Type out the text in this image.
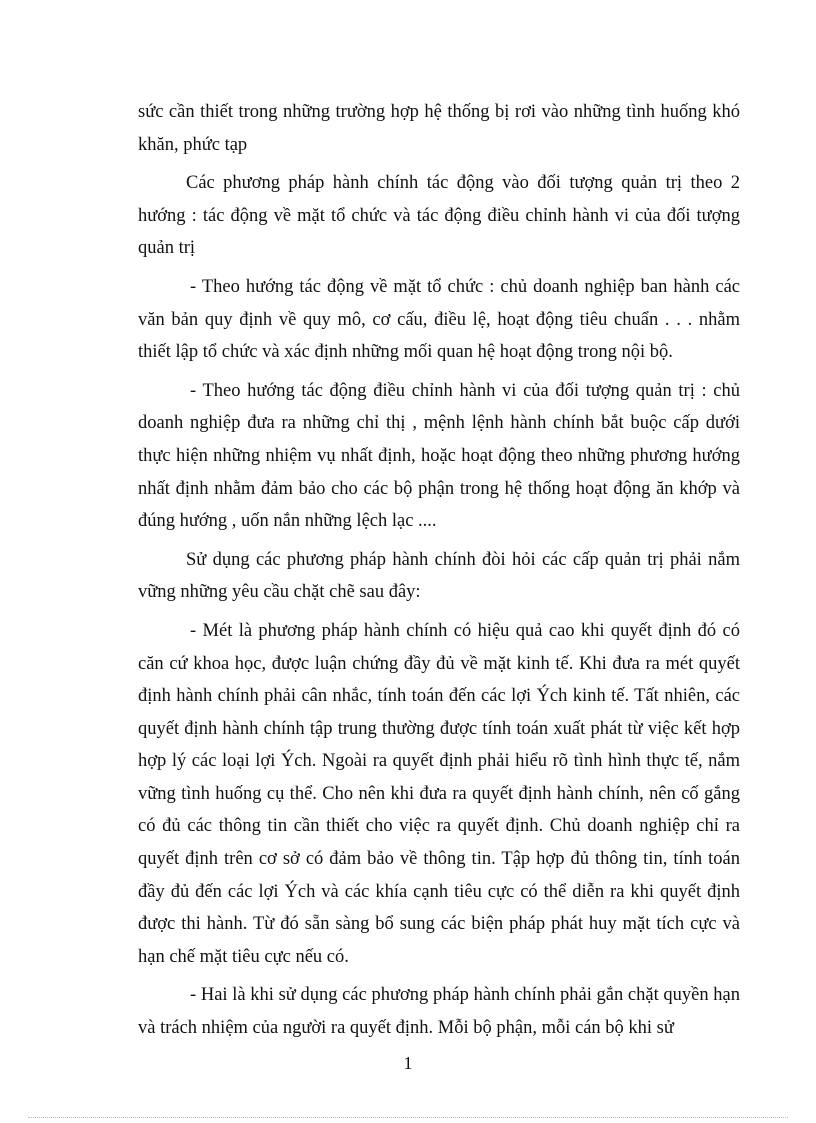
sức cần thiết trong những trường hợp hệ thống bị rơi vào những tình huống khó khăn, phức tạp

Các phương pháp hành chính tác động vào đối tượng quản trị theo 2 hướng : tác động về mặt tổ chức và tác động điều chỉnh hành vi của đối tượng quản trị

- Theo hướng tác động về mặt tổ chức : chủ doanh nghiệp ban hành các văn bản quy định về quy mô, cơ cấu, điều lệ, hoạt động tiêu chuẩn . . . nhằm thiết lập tổ chức và xác định những mối quan hệ hoạt động trong nội bộ.

- Theo hướng tác động điều chỉnh hành vi của đối tượng quản trị : chủ doanh nghiệp đưa ra những chỉ thị , mệnh lệnh hành chính bắt buộc cấp dưới thực hiện những nhiệm vụ nhất định, hoặc hoạt động theo những phương hướng nhất định nhằm đảm bảo cho các bộ phận trong hệ thống hoạt động ăn khớp và đúng hướng , uốn nắn những lệch lạc ....

Sử dụng các phương pháp hành chính đòi hỏi các cấp quản trị phải nắm vững những yêu cầu chặt chẽ sau đây:

- Mét là phương pháp hành chính có hiệu quả cao khi quyết định đó có căn cứ khoa học, được luận chứng đầy đủ về mặt kinh tế. Khi đưa ra mét quyết định hành chính phải cân nhắc, tính toán đến các lợi Ých kinh tế. Tất nhiên, các quyết định hành chính tập trung thường được tính toán xuất phát từ việc kết hợp hợp lý các loại lợi Ých. Ngoài ra quyết định phải hiểu rõ tình hình thực tế, nắm vững tình huống cụ thể. Cho nên khi đưa ra quyết định hành chính, nên cố gắng có đủ các thông tin cần thiết cho việc ra quyết định. Chủ doanh nghiệp chỉ ra quyết định trên cơ sở có đảm bảo về thông tin. Tập hợp đủ thông tin, tính toán đầy đủ đến các lợi Ých và các khía cạnh tiêu cực có thể diễn ra khi quyết định được thi hành. Từ đó sẵn sàng bổ sung các biện pháp phát huy mặt tích cực và hạn chế mặt tiêu cực nếu có.

- Hai là khi sử dụng các phương pháp hành chính phải gắn chặt quyền hạn và trách nhiệm của người ra quyết định. Mỗi bộ phận, mỗi cán bộ khi sử

1
